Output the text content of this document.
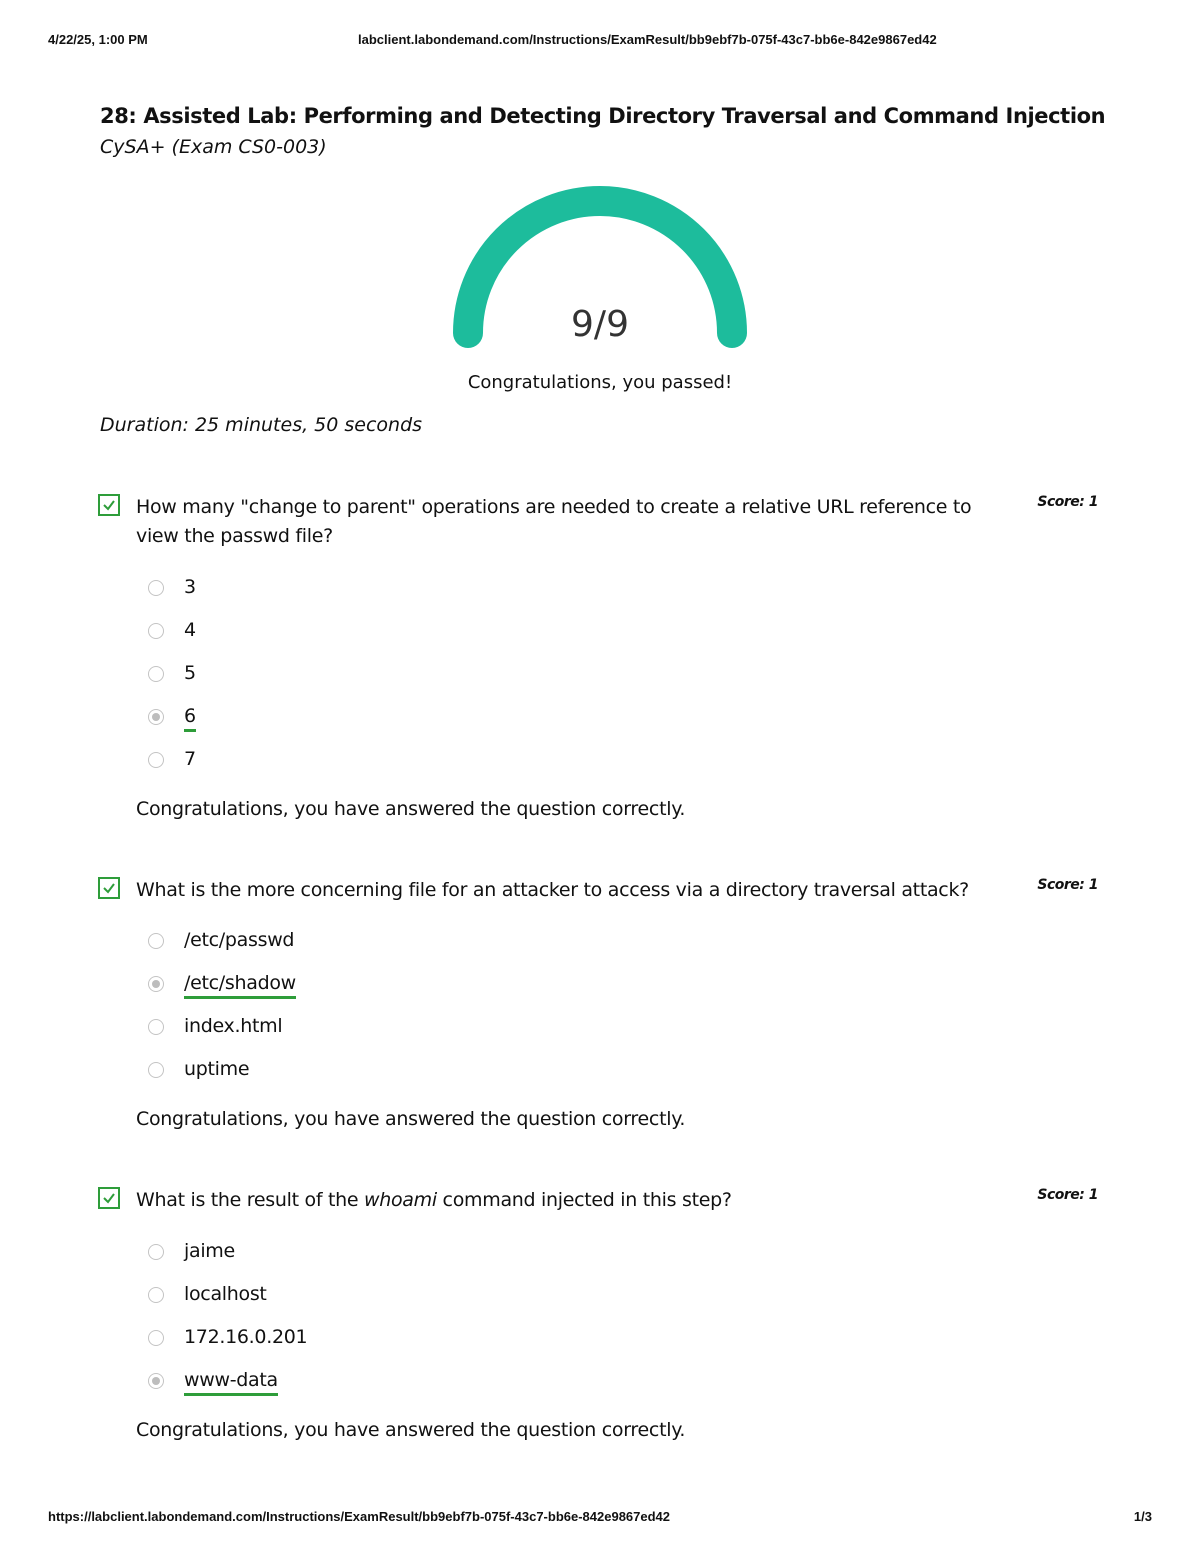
4/22/25, 1:00 PM	labclient.labondemand.com/Instructions/ExamResult/bb9ebf7b-075f-43c7-bb6e-842e9867ed42
28: Assisted Lab: Performing and Detecting Directory Traversal and Command Injection
CySA+ (Exam CS0-003)
9/9
Congratulations, you passed!
Duration: 25 minutes, 50 seconds
How many "change to parent" operations are needed to create a relative URL reference to view the passwd file?
Score: 1
3
4
5
6
7
Congratulations, you have answered the question correctly.
What is the more concerning file for an attacker to access via a directory traversal attack?	Score: 1
/etc/passwd
/etc/shadow
index.html
uptime
Congratulations, you have answered the question correctly.
What is the result of the whoami command injected in this step?	Score: 1
jaime
localhost
172.16.0.201
www-data
Congratulations, you have answered the question correctly.
https://labclient.labondemand.com/Instructions/ExamResult/bb9ebf7b-075f-43c7-bb6e-842e9867ed42	1/3
